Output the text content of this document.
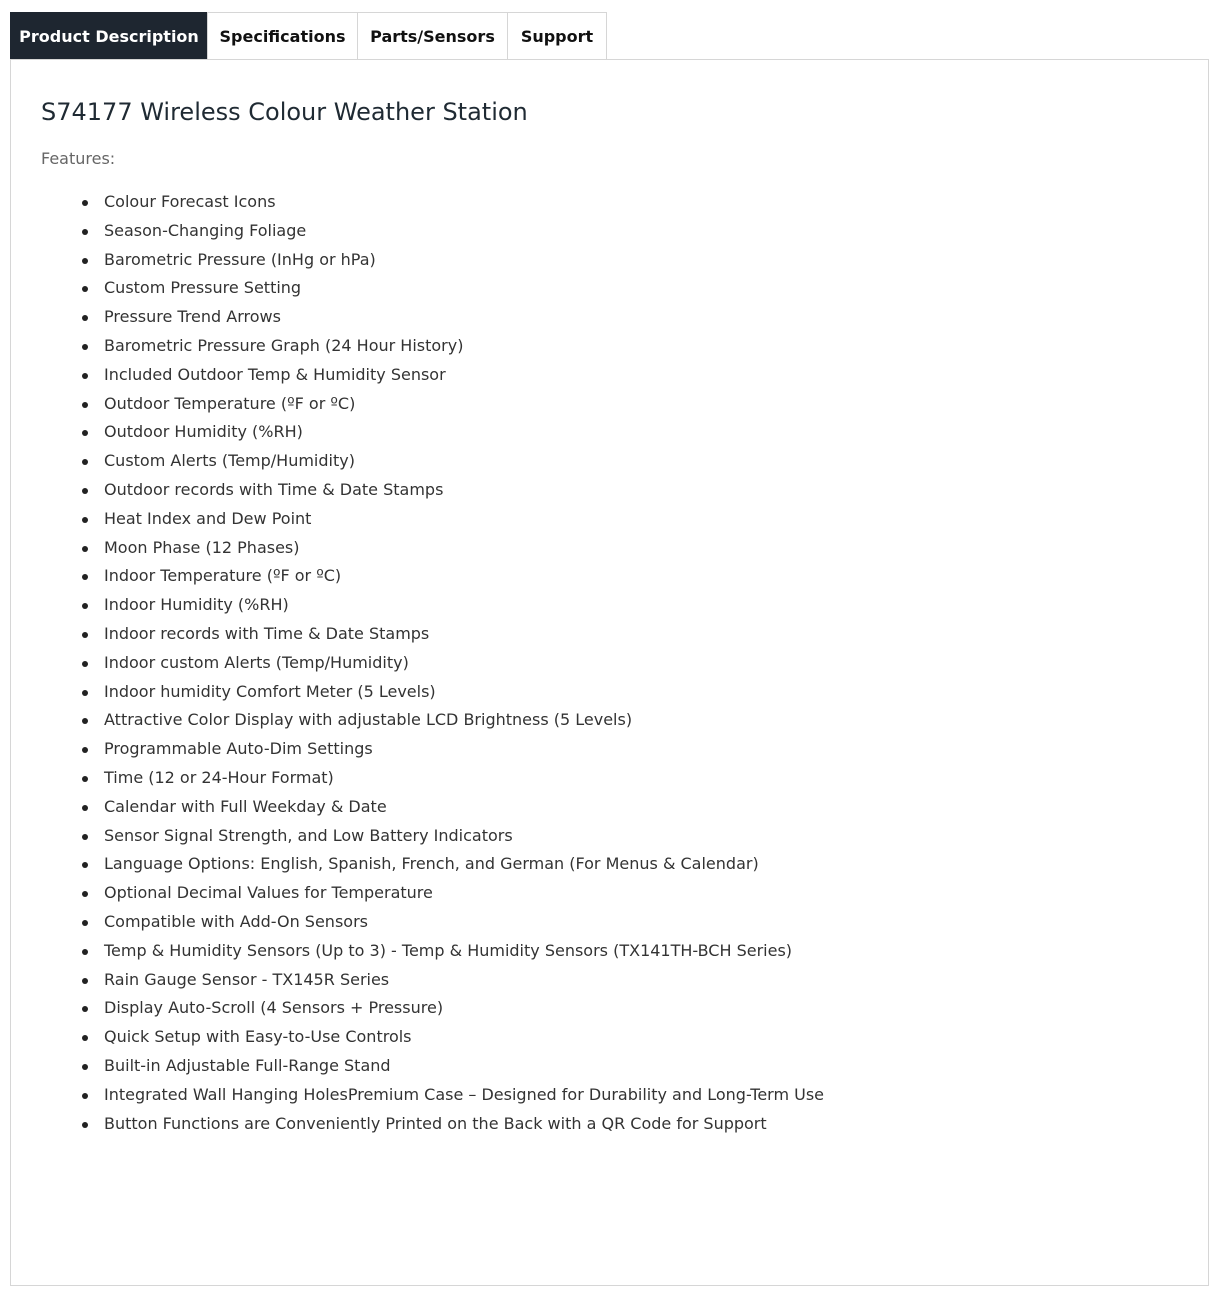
Product Description	Specifications	Parts/Sensors	Support
S74177 Wireless Colour Weather Station

Features:

Colour Forecast Icons
Season-Changing Foliage
Barometric Pressure (InHg or hPa)
Custom Pressure Setting
Pressure Trend Arrows
Barometric Pressure Graph (24 Hour History)
Included Outdoor Temp & Humidity Sensor
Outdoor Temperature (ºF or ºC)
Outdoor Humidity (%RH)
Custom Alerts (Temp/Humidity)
Outdoor records with Time & Date Stamps
Heat Index and Dew Point
Moon Phase (12 Phases)
Indoor Temperature (ºF or ºC)
Indoor Humidity (%RH)
Indoor records with Time & Date Stamps
Indoor custom Alerts (Temp/Humidity)
Indoor humidity Comfort Meter (5 Levels)
Attractive Color Display with adjustable LCD Brightness (5 Levels)
Programmable Auto-Dim Settings
Time (12 or 24-Hour Format)
Calendar with Full Weekday & Date
Sensor Signal Strength, and Low Battery Indicators
Language Options: English, Spanish, French, and German (For Menus & Calendar)
Optional Decimal Values for Temperature
Compatible with Add-On Sensors
Temp & Humidity Sensors (Up to 3) - Temp & Humidity Sensors (TX141TH-BCH Series)
Rain Gauge Sensor - TX145R Series
Display Auto-Scroll (4 Sensors + Pressure)
Quick Setup with Easy-to-Use Controls
Built-in Adjustable Full-Range Stand
Integrated Wall Hanging HolesPremium Case – Designed for Durability and Long-Term Use
Button Functions are Conveniently Printed on the Back with a QR Code for Support
